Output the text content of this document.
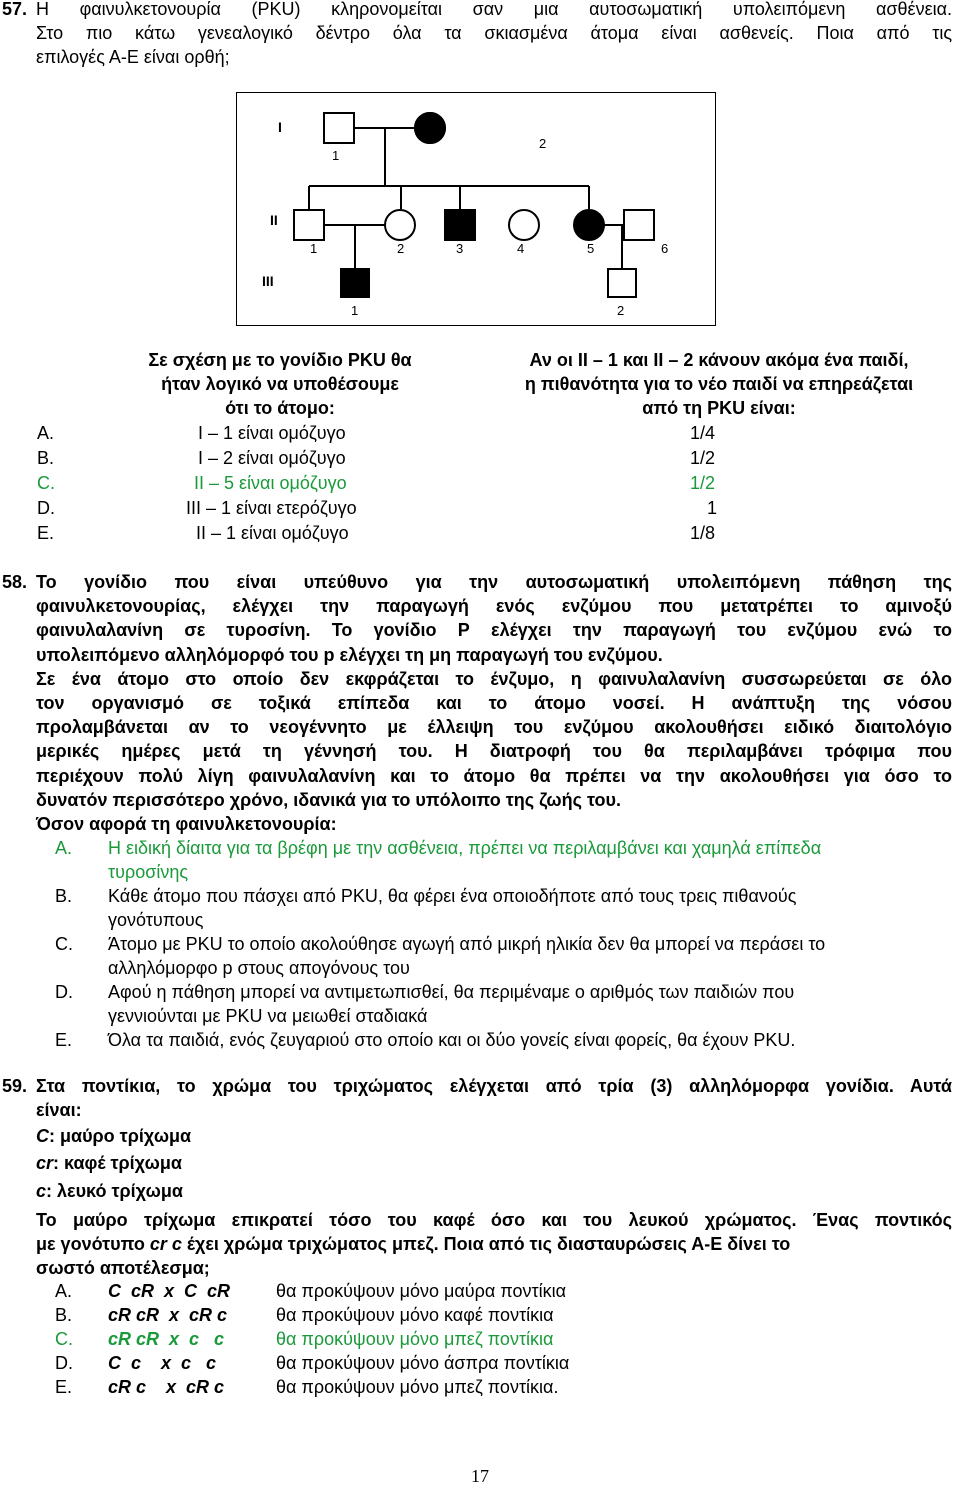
57. Η φαινυλκετονουρία (PKU) κληρονομείται σαν μια αυτοσωματική υπολειπόμενη ασθένεια.
Στο πιο κάτω γενεαλογικό δέντρο όλα τα σκιασμένα άτομα είναι ασθενείς. Ποια από τις
επιλογές Α-Ε είναι ορθή;
I
II
III
2
1	2	3	4	5	6
1	2
1
Σε σχέση με το γονίδιο PKU θα
ήταν λογικό να υποθέσουμε
ότι το άτομο:
Αν οι ΙΙ – 1 και ΙΙ – 2 κάνουν ακόμα ένα παιδί,
η πιθανότητα για το νέο παιδί να επηρεάζεται
από τη PKU είναι:
A.	I – 1 είναι ομόζυγο	1/4
B.	I – 2 είναι ομόζυγο	1/2
C.	II – 5 είναι ομόζυγο	1/2
D.	III – 1 είναι ετερόζυγο	1
E.	II – 1 είναι ομόζυγο	1/8
58. Το γονίδιο που είναι υπεύθυνο για την αυτοσωματική υπολειπόμενη πάθηση της
φαινυλκετονουρίας, ελέγχει την παραγωγή ενός ενζύμου που μετατρέπει το αμινοξύ
φαινυλαλανίνη σε τυροσίνη. Το γονίδιο Ρ ελέγχει την παραγωγή του ενζύμου ενώ το
υπολειπόμενο αλληλόμορφό του p ελέγχει τη μη παραγωγή του ενζύμου.
Σε ένα άτομο στο οποίο δεν εκφράζεται το ένζυμο, η φαινυλαλανίνη συσσωρεύεται σε όλο
τον οργανισμό σε τοξικά επίπεδα και το άτομο νοσεί. Η ανάπτυξη της νόσου
προλαμβάνεται αν το νεογέννητο με έλλειψη του ενζύμου ακολουθήσει ειδικό διαιτολόγιο
μερικές ημέρες μετά τη γέννησή του. Η διατροφή του θα περιλαμβάνει τρόφιμα που
περιέχουν πολύ λίγη φαινυλαλανίνη και το άτομο θα πρέπει να την ακολουθήσει για όσο το
δυνατόν περισσότερο χρόνο, ιδανικά για το υπόλοιπο της ζωής του.
Όσον αφορά τη φαινυλκετονουρία:
A. Η ειδική δίαιτα για τα βρέφη με την ασθένεια, πρέπει να περιλαμβάνει και χαμηλά επίπεδα
τυροσίνης
B. Κάθε άτομο που πάσχει από PKU, θα φέρει ένα οποιοδήποτε από τους τρεις πιθανούς
γονότυπους
C. Άτομο με PKU το οποίο ακολούθησε αγωγή από μικρή ηλικία δεν θα μπορεί να περάσει το
αλληλόμορφο p στους απογόνους του
D. Αφού η πάθηση μπορεί να αντιμετωπισθεί, θα περιμέναμε ο αριθμός των παιδιών που
γεννιούνται με PKU να μειωθεί σταδιακά
E. Όλα τα παιδιά, ενός ζευγαριού στο οποίο και οι δύο γονείς είναι φορείς, θα έχουν PKU.
59. Στα ποντίκια, το χρώμα του τριχώματος ελέγχεται από τρία (3) αλληλόμορφα γονίδια. Αυτά
είναι:
C: μαύρο τρίχωμα
cr: καφέ τρίχωμα
c: λευκό τρίχωμα
Το μαύρο τρίχωμα επικρατεί τόσο του καφέ όσο και του λευκού χρώματος. Ένας ποντικός
με γονότυπο cr c έχει χρώμα τριχώματος μπεζ. Ποια από τις διασταυρώσεις Α-Ε δίνει το
σωστό αποτέλεσμα;
A. C  cR  x  C  cR	θα προκύψουν μόνο μαύρα ποντίκια
B. cR cR  x  cR c	θα προκύψουν μόνο καφέ ποντίκια
C. cR cR  x  c   c	θα προκύψουν μόνο μπεζ ποντίκια
D. C  c    x  c   c	θα προκύψουν μόνο άσπρα ποντίκια
E. cR c    x  cR c	θα προκύψουν μόνο μπεζ ποντίκια.
17
